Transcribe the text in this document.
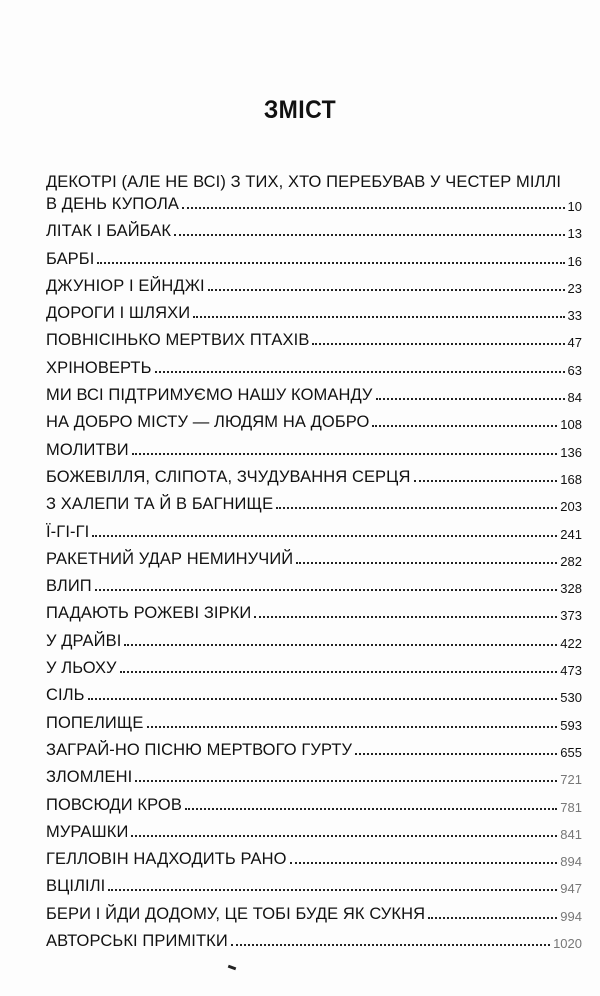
ЗМІСТ
ДЕКОТРІ (АЛЕ НЕ ВСІ) З ТИХ, ХТО ПЕРЕБУВАВ У ЧЕСТЕР МІЛЛІ
В ДЕНЬ КУПОЛА	10
ЛІТАК І БАЙБАК	13
БАРБІ	16
ДЖУНІОР І ЕЙНДЖІ	23
ДОРОГИ І ШЛЯХИ	33
ПОВНІСІНЬКО МЕРТВИХ ПТАХІВ	47
ХРІНОВЕРТЬ	63
МИ ВСІ ПІДТРИМУЄМО НАШУ КОМАНДУ	84
НА ДОБРО МІСТУ — ЛЮДЯМ НА ДОБРО	108
МОЛИТВИ	136
БОЖЕВІЛЛЯ, СЛІПОТА, ЗЧУДУВАННЯ СЕРЦЯ	168
З ХАЛЕПИ ТА Й В БАГНИЩЕ	203
Ї-ГІ-ГІ	241
РАКЕТНИЙ УДАР НЕМИНУЧИЙ	282
ВЛИП	328
ПАДАЮТЬ РОЖЕВІ ЗІРКИ	373
У ДРАЙВІ	422
У ЛЬОХУ	473
СІЛЬ	530
ПОПЕЛИЩЕ	593
ЗАГРАЙ-НО ПІСНЮ МЕРТВОГО ГУРТУ	655
ЗЛОМЛЕНІ	721
ПОВСЮДИ КРОВ	781
МУРАШКИ	841
ГЕЛЛОВІН НАДХОДИТЬ РАНО	894
ВЦІЛІЛІ	947
БЕРИ І ЙДИ ДОДОМУ, ЦЕ ТОБІ БУДЕ ЯК СУКНЯ	994
АВТОРСЬКІ ПРИМІТКИ	1020
